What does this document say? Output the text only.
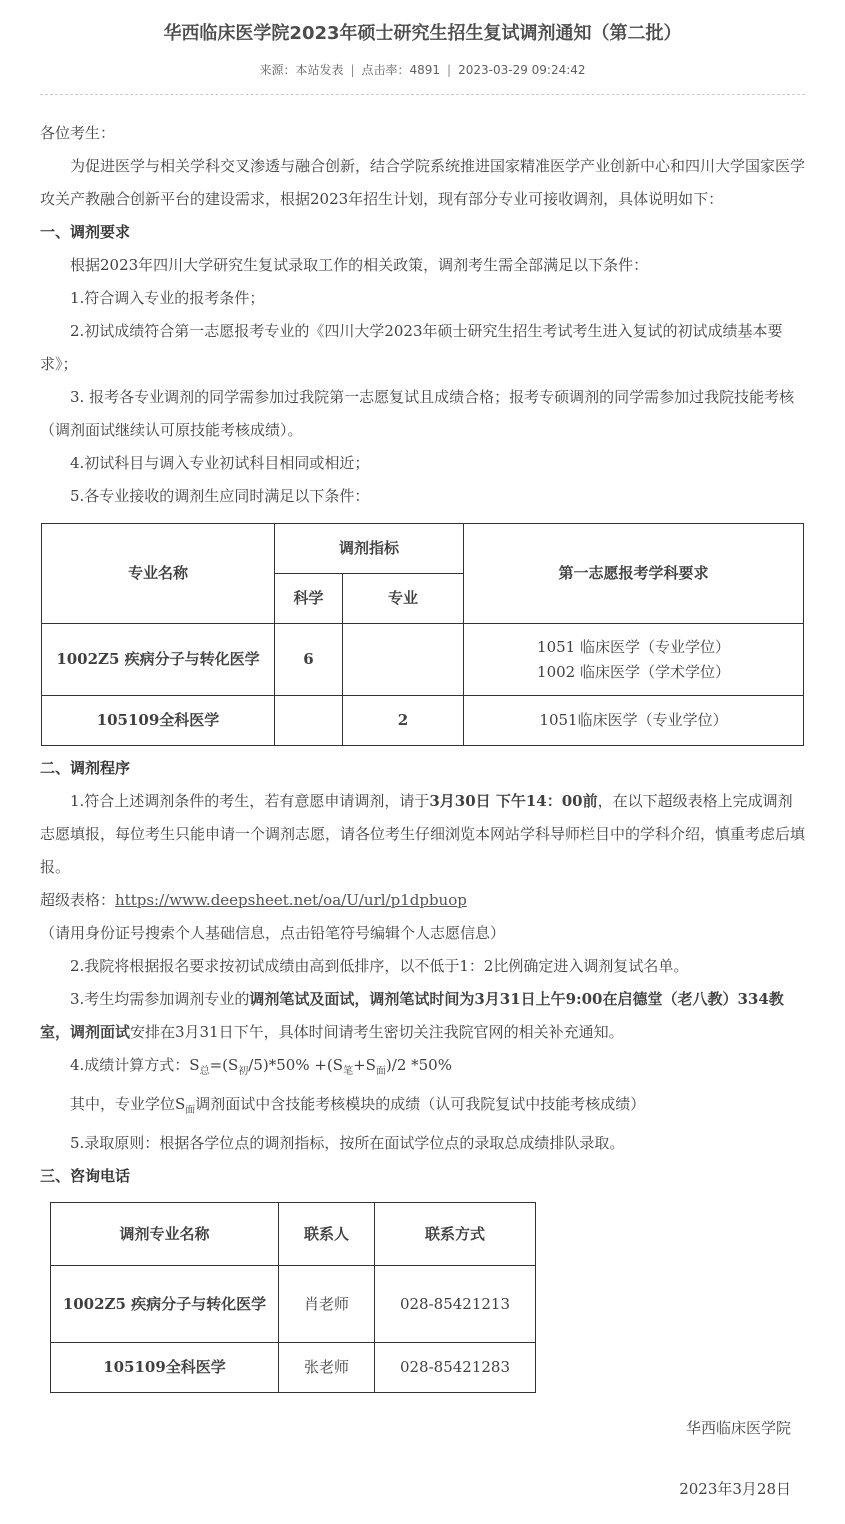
华西临床医学院2023年硕士研究生招生复试调剂通知（第二批）
来源：本站发表 | 点击率：4891 | 2023-03-29 09:24:42

各位考生：

为促进医学与相关学科交叉渗透与融合创新，结合学院系统推进国家精准医学产业创新中心和四川大学国家医学攻关产教融合创新平台的建设需求，根据2023年招生计划，现有部分专业可接收调剂，具体说明如下：

一、调剂要求

根据2023年四川大学研究生复试录取工作的相关政策，调剂考生需全部满足以下条件：

1.符合调入专业的报考条件；

2.初试成绩符合第一志愿报考专业的《四川大学2023年硕士研究生招生考试考生进入复试的初试成绩基本要求》；

3. 报考各专业调剂的同学需参加过我院第一志愿复试且成绩合格；报考专硕调剂的同学需参加过我院技能考核（调剂面试继续认可原技能考核成绩）。

4.初试科目与调入专业初试科目相同或相近；

5.各专业接收的调剂生应同时满足以下条件：

专业名称	调剂指标		第一志愿报考学科要求
	科学	专业	
1002Z5 疾病分子与转化医学	6		1051 临床医学（专业学位）
1002 临床医学（学术学位）

105109全科医学		2	1051临床医学（专业学位）
二、调剂程序

1.符合上述调剂条件的考生，若有意愿申请调剂，请于3月30日 下午14：00前，在以下超级表格上完成调剂志愿填报，每位考生只能申请一个调剂志愿，请各位考生仔细浏览本网站学科导师栏目中的学科介绍，慎重考虑后填报。

超级表格：https://www.deepsheet.net/oa/U/url/p1dpbuop

（请用身份证号搜索个人基础信息，点击铅笔符号编辑个人志愿信息）

2.我院将根据报名要求按初试成绩由高到低排序，以不低于1：2比例确定进入调剂复试名单。

3.考生均需参加调剂专业的调剂笔试及面试，调剂笔试时间为3月31日上午9:00在启德堂（老八教）334教室，调剂面试安排在3月31日下午，具体时间请考生密切关注我院官网的相关补充通知。

4.成绩计算方式：$S_总=(S_初/5)*50\% +(S_笔+S_面)/2$ *50%

其中，专业学位$S_面$调剂面试中含技能考核模块的成绩（认可我院复试中技能考核成绩）

5.录取原则：根据各学位点的调剂指标，按所在面试学位点的录取总成绩排队录取。

三、咨询电话
调剂专业名称	联系人	联系方式
1002Z5 疾病分子与转化医学	肖老师	028-85421213
105109全科医学	张老师	028-85421283

华西临床医学院

2023年3月28日
